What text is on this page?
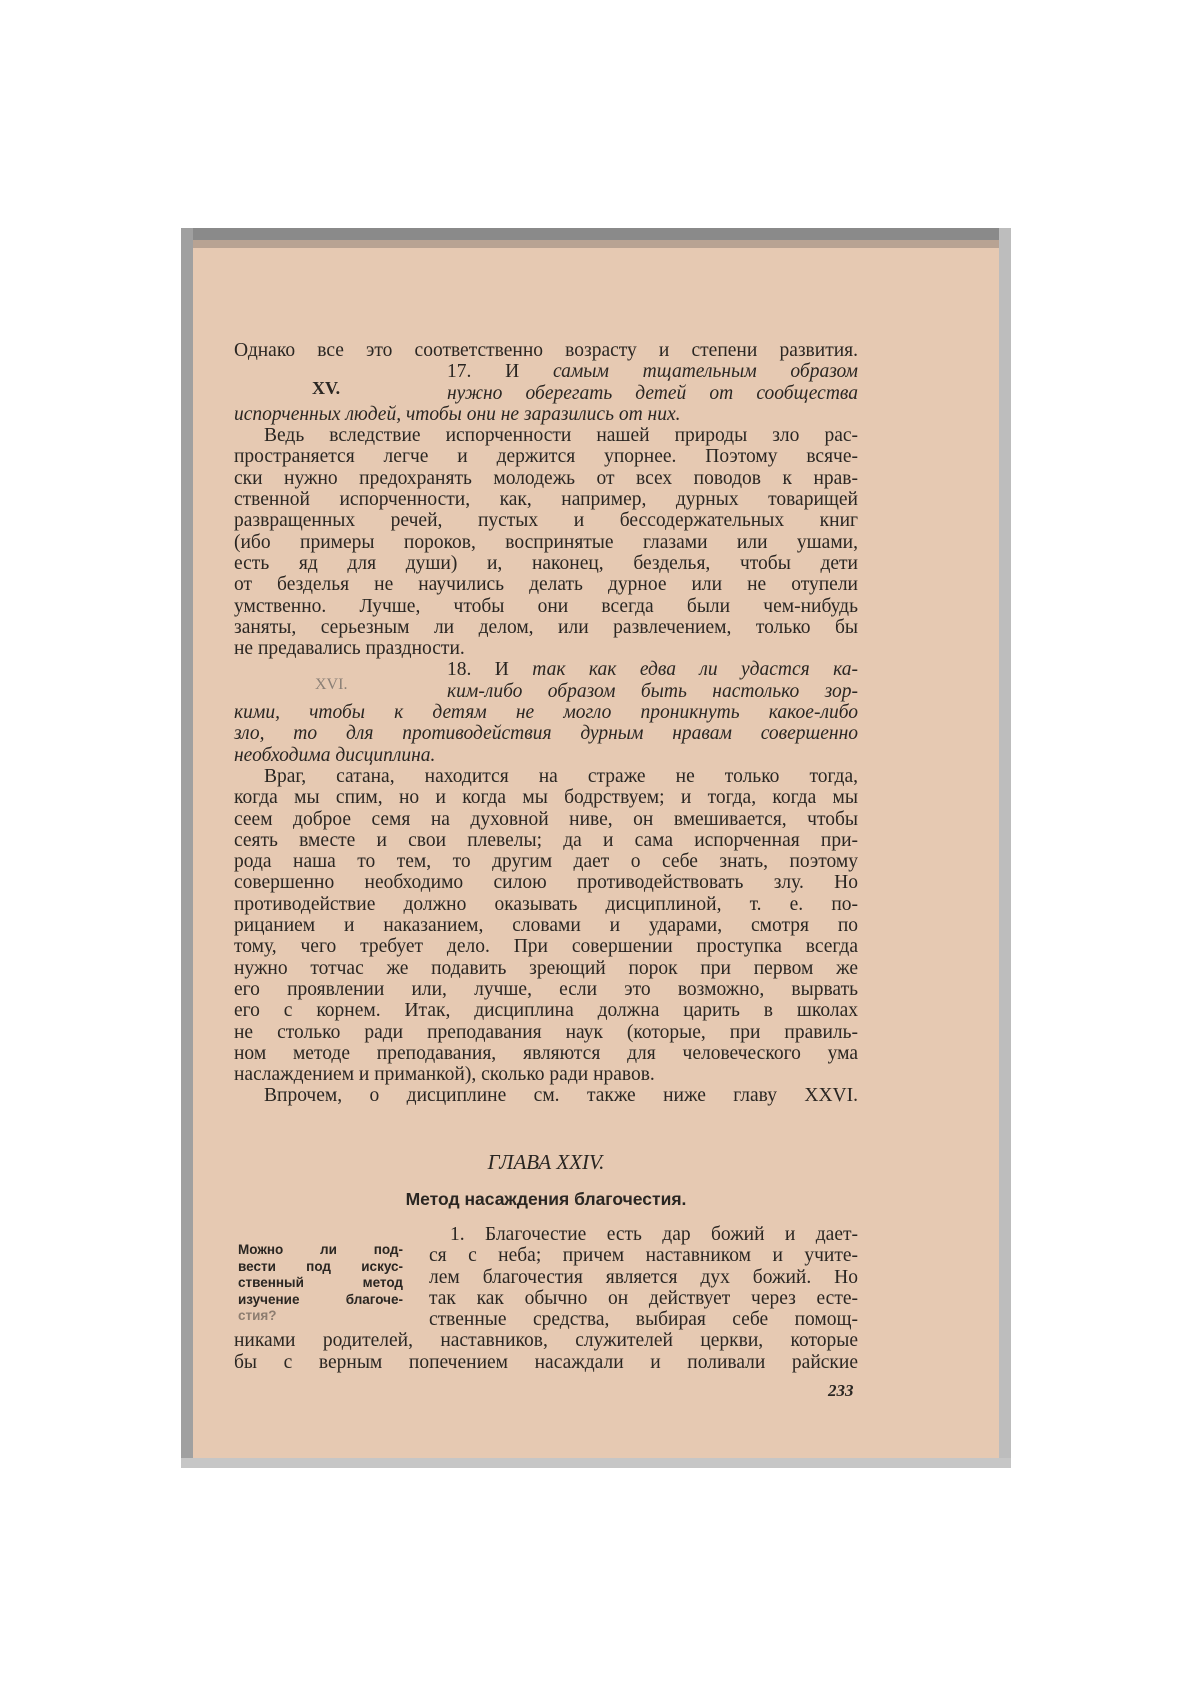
XV.
XVI.
Однако все это соответственно возрасту и степени развития.
17. И самым тщательным образом
нужно оберегать детей от сообщества
испорченных людей, чтобы они не заразились от них.
Ведь вследствие испорченности нашей природы зло рас-
пространяется легче и держится упорнее. Поэтому всяче-
ски нужно предохранять молодежь от всех поводов к нрав-
ственной испорченности, как, например, дурных товарищей
развращенных речей, пустых и бессодержательных книг
(ибо примеры пороков, воспринятые глазами или ушами,
есть яд для души) и, наконец, безделья, чтобы дети
от безделья не научились делать дурное или не отупели
умственно. Лучше, чтобы они всегда были чем-нибудь
заняты, серьезным ли делом, или развлечением, только бы
не предавались праздности.
18. И так как едва ли удастся ка-
ким-либо образом быть настолько зор-
кими, чтобы к детям не могло проникнуть какое-либо
зло, то для противодействия дурным нравам совершенно
необходима дисциплина.
Враг, сатана, находится на страже не только тогда,
когда мы спим, но и когда мы бодрствуем; и тогда, когда мы
сеем доброе семя на духовной ниве, он вмешивается, чтобы
сеять вместе и свои плевелы; да и сама испорченная при-
рода наша то тем, то другим дает о себе знать, поэтому
совершенно необходимо силою противодействовать злу. Но
противодействие должно оказывать дисциплиной, т. е. по-
рицанием и наказанием, словами и ударами, смотря по
тому, чего требует дело. При совершении проступка всегда
нужно тотчас же подавить зреющий порок при первом же
его проявлении или, лучше, если это возможно, вырвать
его с корнем. Итак, дисциплина должна царить в школах
не столько ради преподавания наук (которые, при правиль-
ном методе преподавания, являются для человеческого ума
наслаждением и приманкой), сколько ради нравов.
Впрочем, о дисциплине см. также ниже главу XXVI.
ГЛАВА XXIV.
Метод насаждения благочестия.
Можно ли под-
вести под искус-
ственный метод
изучение благоче-
стия?
1. Благочестие есть дар божий и дает-
ся с неба; причем наставником и учите-
лем благочестия является дух божий. Но
так как обычно он действует через есте-
ственные средства, выбирая себе помощ-
никами родителей, наставников, служителей церкви, которые
бы с верным попечением насаждали и поливали райские
233
